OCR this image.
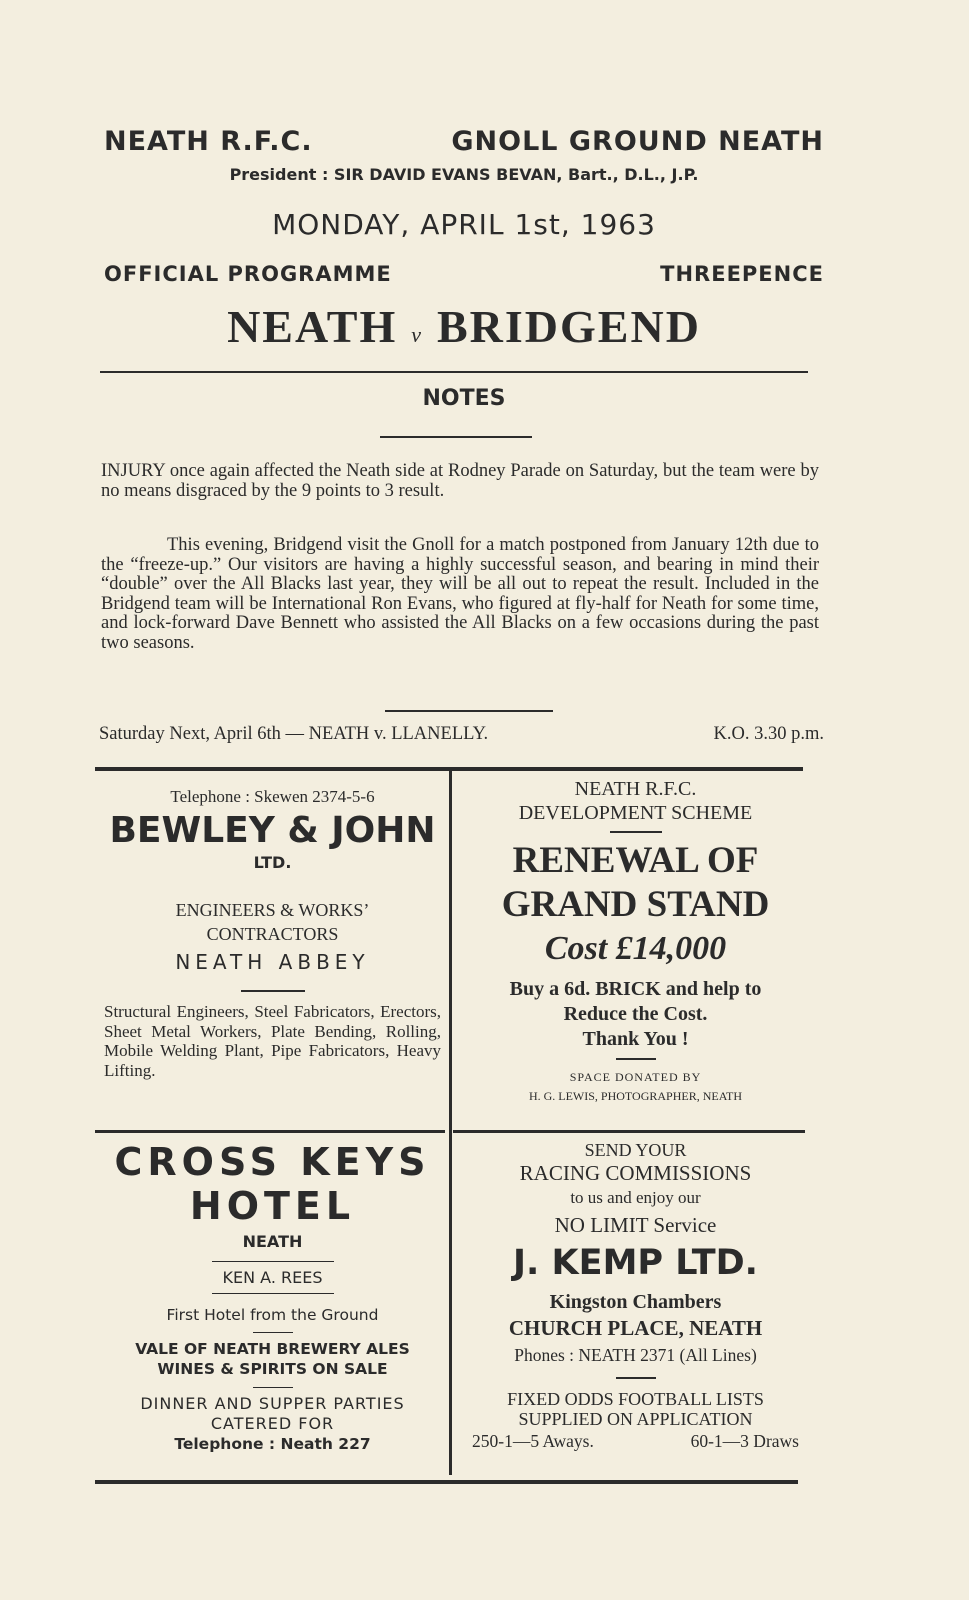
NEATH R.F.C.	GNOLL GROUND NEATH
President : SIR DAVID EVANS BEVAN, Bart., D.L., J.P.
MONDAY, APRIL 1st, 1963
OFFICIAL PROGRAMME	THREEPENCE
NEATH v BRIDGEND
NOTES

INJURY once again affected the Neath side at Rodney Parade on Saturday, but the team were by no means disgraced by the 9 points to 3 result.

This evening, Bridgend visit the Gnoll for a match postponed from January 12th due to the “freeze-up.” Our visitors are having a highly successful season, and bearing in mind their “double” over the All Blacks last year, they will be all out to repeat the result. Included in the Bridgend team will be International Ron Evans, who figured at fly-half for Neath for some time, and lock-forward Dave Bennett who assisted the All Blacks on a few occasions during the past two seasons.

Saturday Next, April 6th — NEATH v. LLANELLY.	K.O. 3.30 p.m.
Telephone : Skewen 2374-5-6
BEWLEY & JOHN
LTD.
ENGINEERS & WORKS’
CONTRACTORS
NEATH ABBEY
Structural Engineers, Steel Fabricators, Erectors, Sheet Metal Workers, Plate Bending, Rolling, Mobile Welding Plant, Pipe Fabricators, Heavy Lifting.
NEATH R.F.C.
DEVELOPMENT SCHEME
RENEWAL OF
GRAND STAND
Cost £14,000
Buy a 6d. BRICK and help to
Reduce the Cost.
Thank You !
SPACE DONATED BY
H. G. LEWIS, PHOTOGRAPHER, NEATH
CROSS KEYS
HOTEL
NEATH
KEN A. REES
First Hotel from the Ground
VALE OF NEATH BREWERY ALES
WINES & SPIRITS ON SALE
DINNER AND SUPPER PARTIES
CATERED FOR
Telephone : Neath 227
SEND YOUR
RACING COMMISSIONS
to us and enjoy our
NO LIMIT Service
J. KEMP LTD.
Kingston Chambers
CHURCH PLACE, NEATH
Phones : NEATH 2371 (All Lines)
FIXED ODDS FOOTBALL LISTS
SUPPLIED ON APPLICATION
250-1—5 Aways.	60-1—3 Draws
